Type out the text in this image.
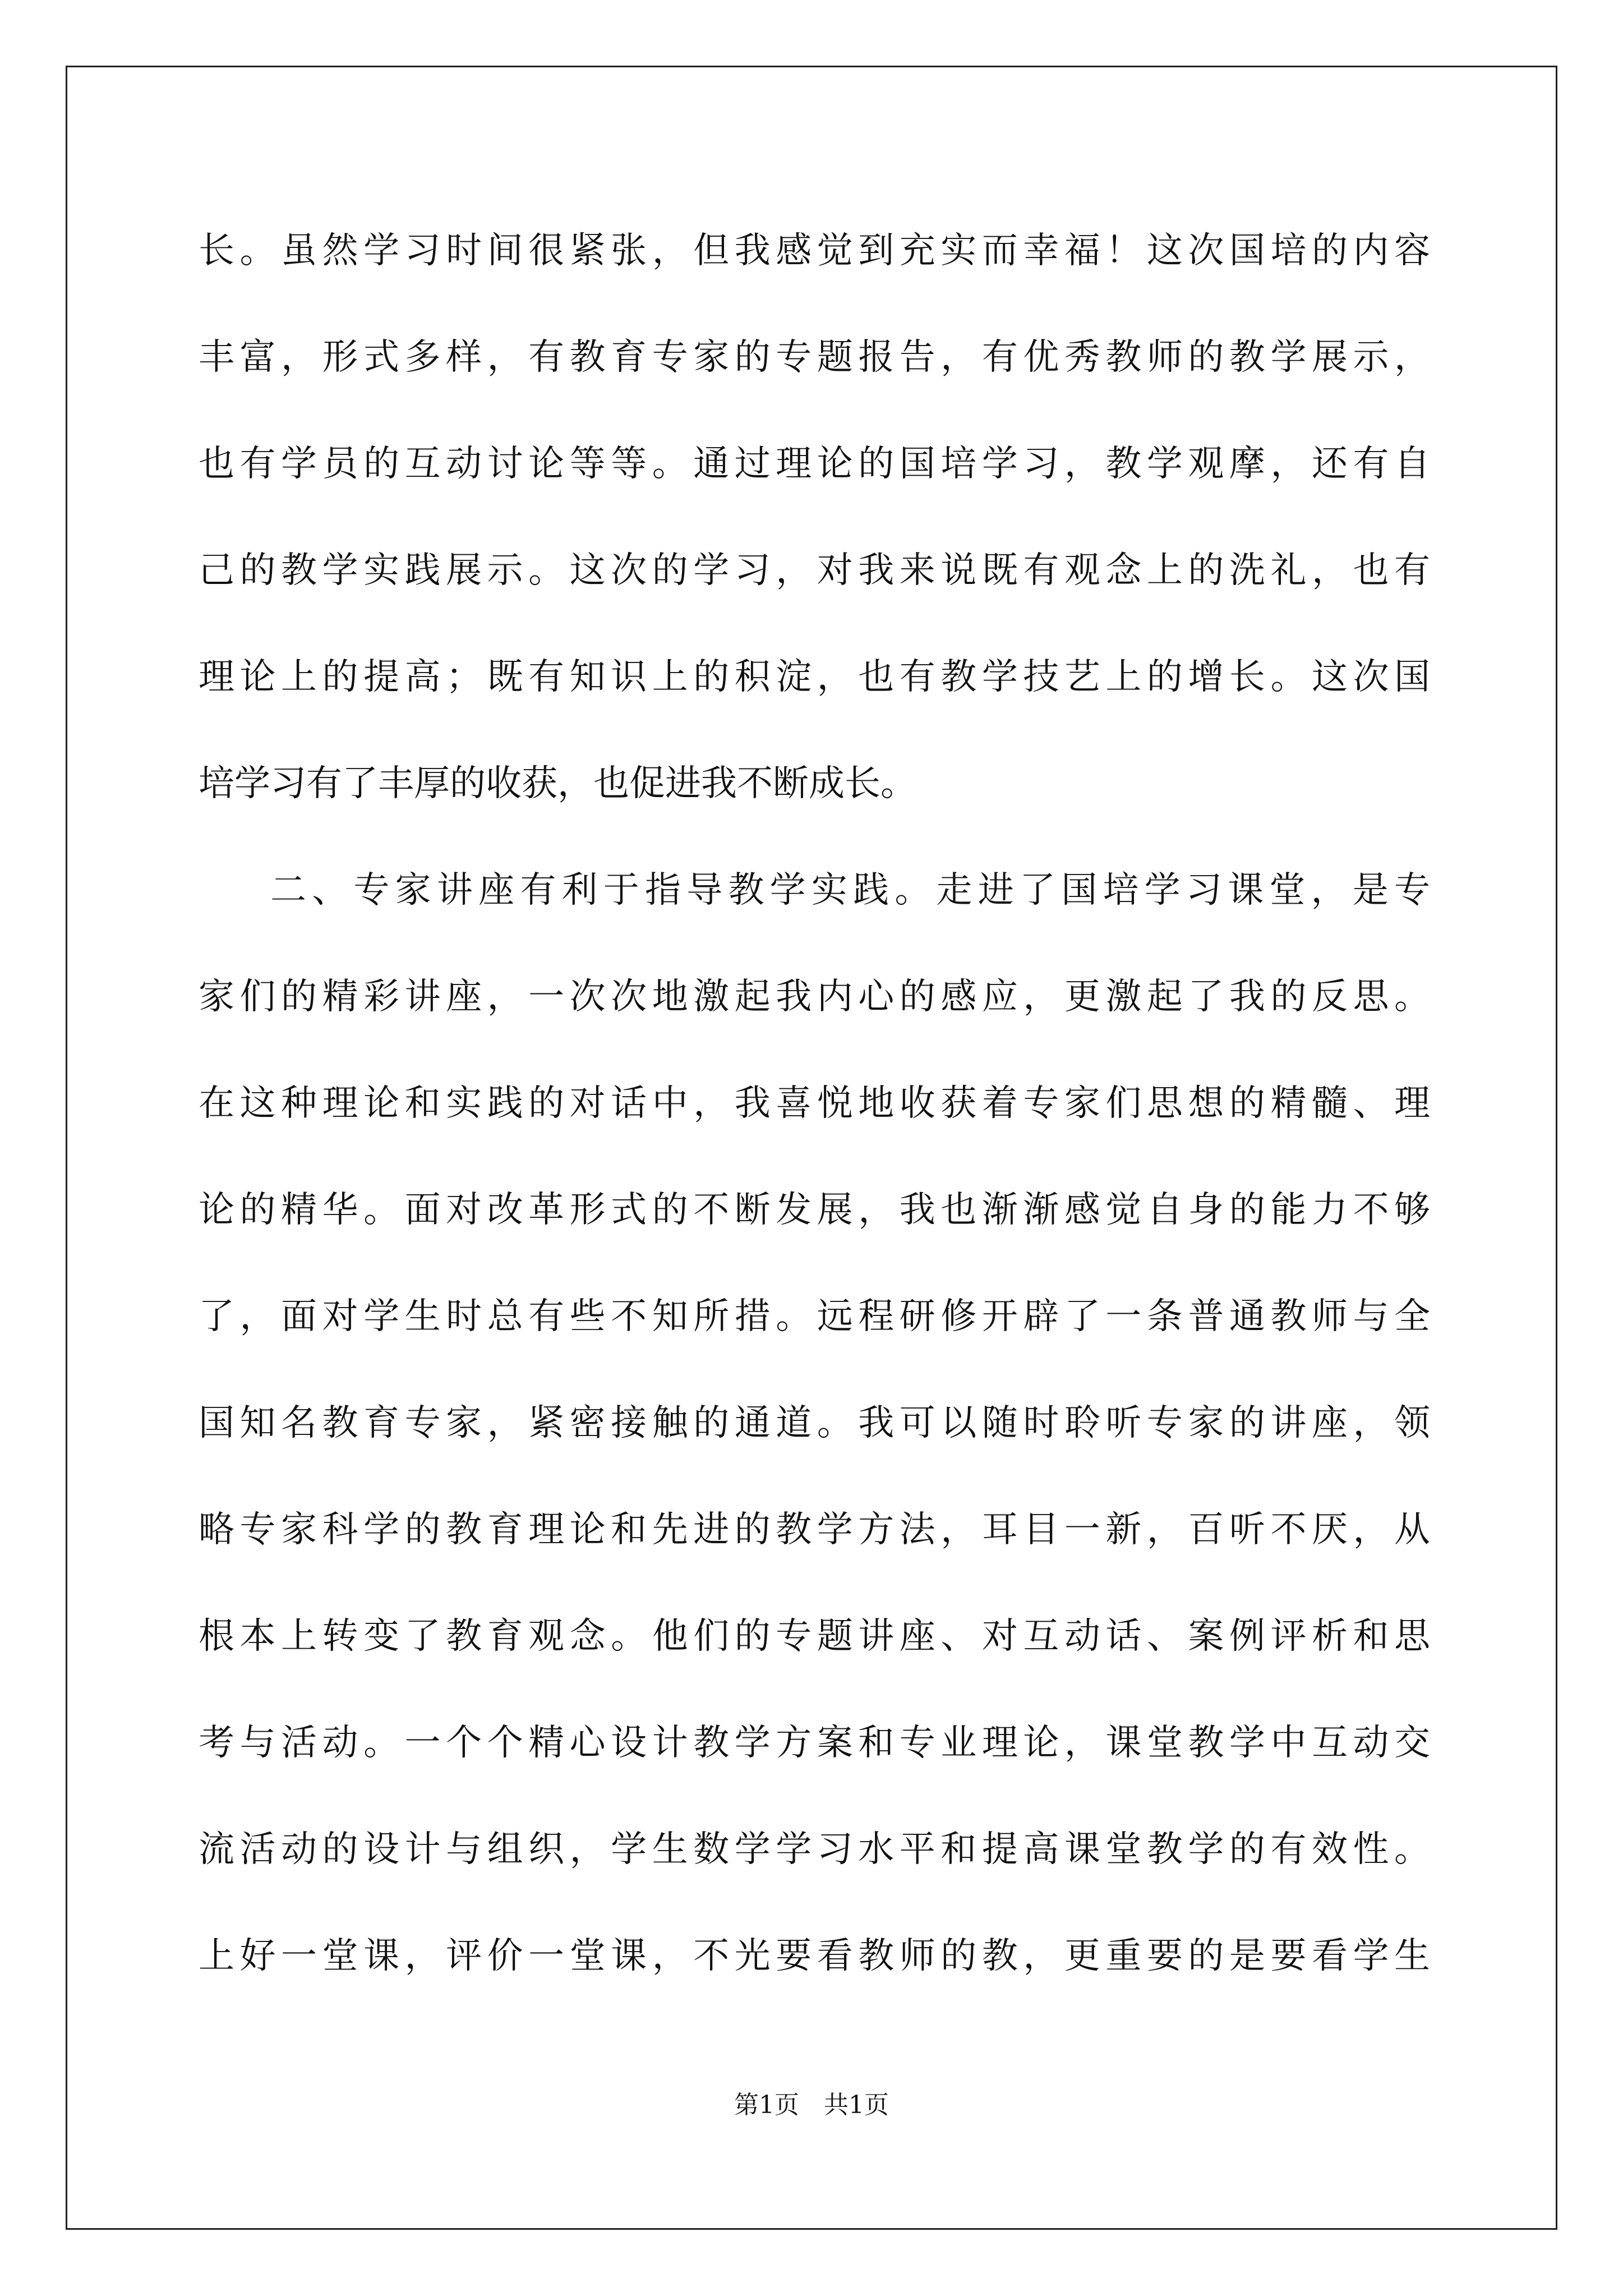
长。虽然学习时间很紧张，但我感觉到充实而幸福！这次国培的内容
丰富，形式多样，有教育专家的专题报告，有优秀教师的教学展示，
也有学员的互动讨论等等。通过理论的国培学习，教学观摩，还有自
己的教学实践展示。这次的学习，对我来说既有观念上的洗礼，也有
理论上的提高；既有知识上的积淀，也有教学技艺上的增长。这次国
培学习有了丰厚的收获，也促进我不断成长。
二、专家讲座有利于指导教学实践。走进了国培学习课堂，是专
家们的精彩讲座，一次次地激起我内心的感应，更激起了我的反思。
在这种理论和实践的对话中，我喜悦地收获着专家们思想的精髓、理
论的精华。面对改革形式的不断发展，我也渐渐感觉自身的能力不够
了，面对学生时总有些不知所措。远程研修开辟了一条普通教师与全
国知名教育专家，紧密接触的通道。我可以随时聆听专家的讲座，领
略专家科学的教育理论和先进的教学方法，耳目一新，百听不厌，从
根本上转变了教育观念。他们的专题讲座、对互动话、案例评析和思
考与活动。一个个精心设计教学方案和专业理论，课堂教学中互动交
流活动的设计与组织，学生数学学习水平和提高课堂教学的有效性。
上好一堂课，评价一堂课，不光要看教师的教，更重要的是要看学生
第1页　共1页
